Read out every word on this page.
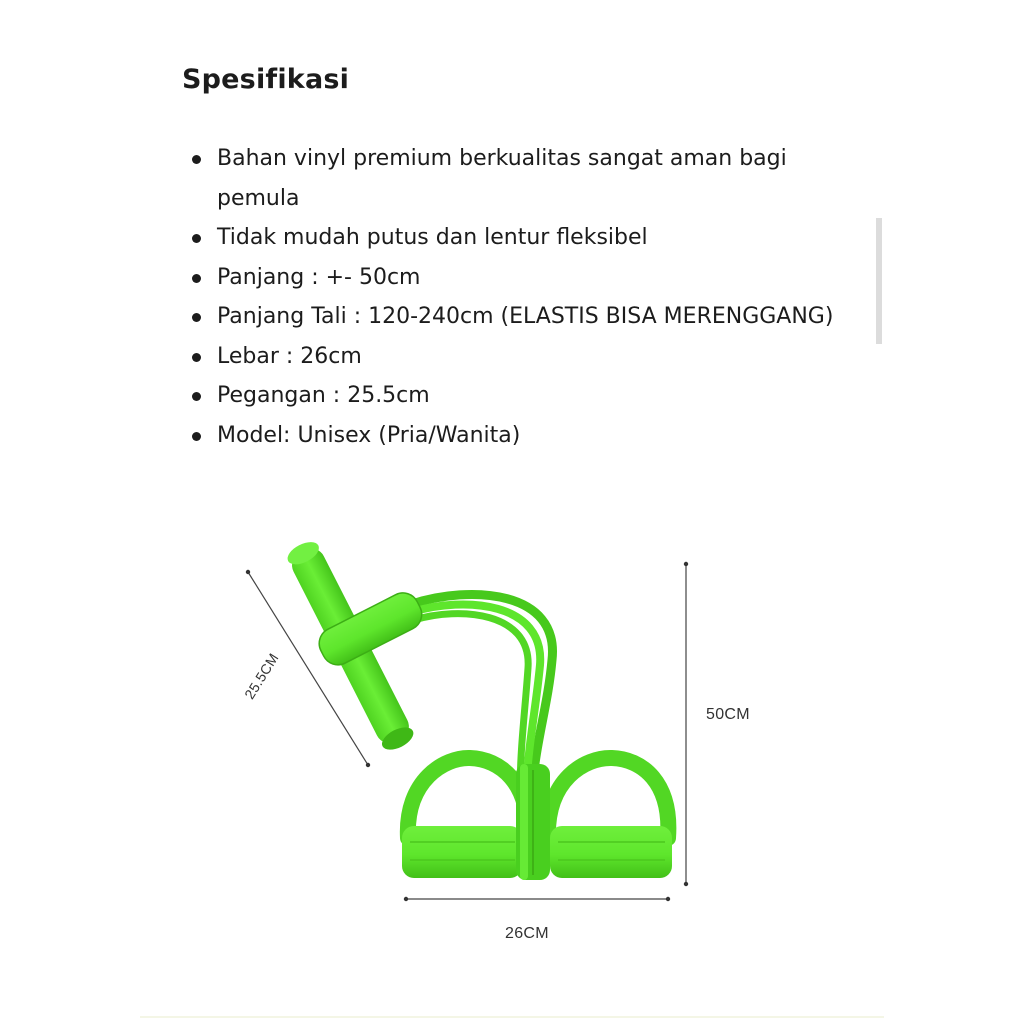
Spesifikasi
Bahan vinyl premium berkualitas sangat aman bagi pemula
Tidak mudah putus dan lentur fleksibel
Panjang : +- 50cm
Panjang Tali : 120-240cm (ELASTIS BISA MERENGGANG)
Lebar : 26cm
Pegangan : 25.5cm
Model: Unisex (Pria/Wanita)
25.5CM
50CM
26CM
